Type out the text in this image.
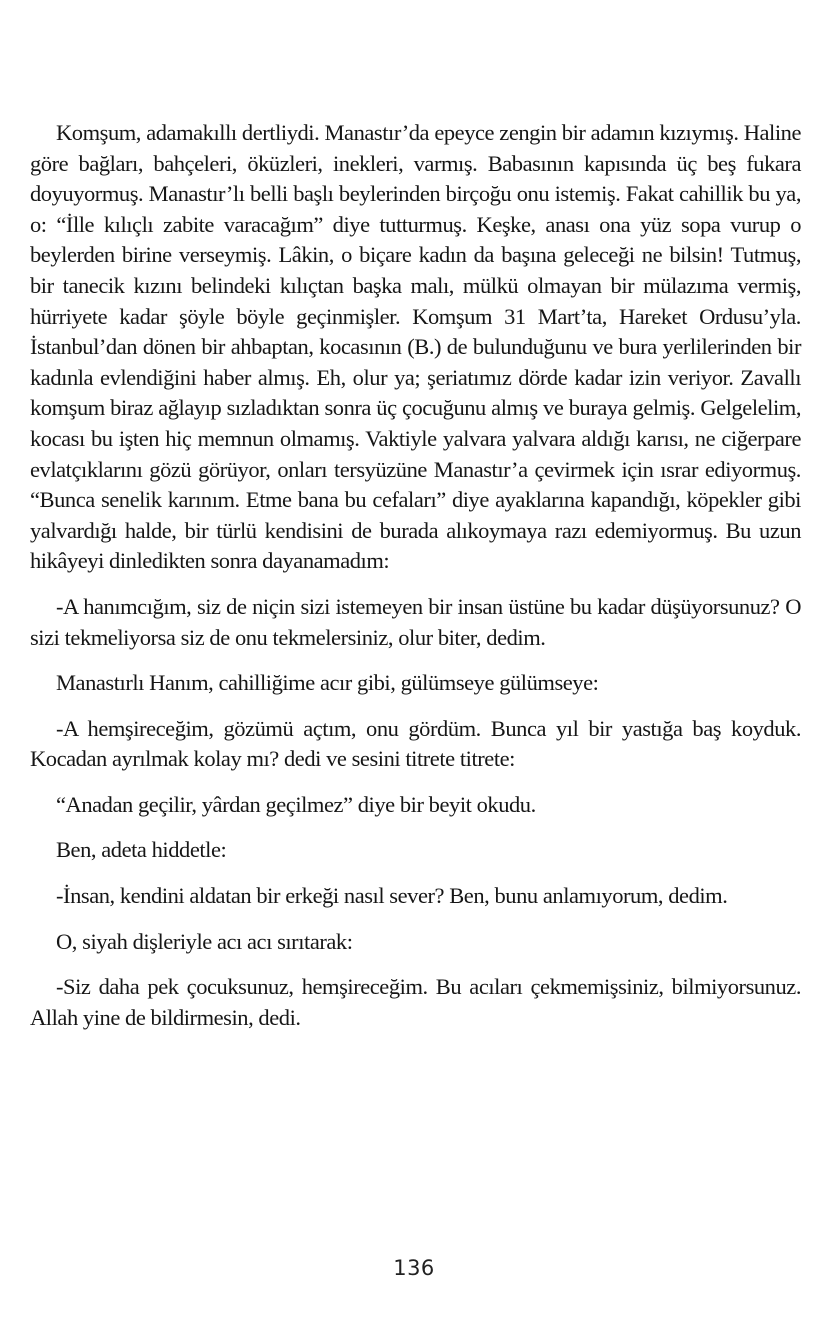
Komşum, adamakıllı dertliydi. Manastır’da epeyce zengin bir adamın kızıymış. Haline göre bağları, bahçeleri, öküzleri, inekleri, varmış. Babasının kapısında üç beş fukara doyuyormuş. Manastır’lı belli başlı beylerinden birçoğu onu istemiş. Fakat cahillik bu ya, o: “İlle kılıçlı zabite varacağım” diye tutturmuş. Keşke, anası ona yüz sopa vurup o beylerden birine verseymiş. Lâkin, o biçare kadın da başına geleceği ne bilsin! Tutmuş, bir tanecik kızını belindeki kılıçtan başka malı, mülkü olmayan bir mülazıma vermiş, hürriyete kadar şöyle böyle geçinmişler. Komşum 31 Mart’ta, Hareket Ordusu’yla. İstanbul’dan dönen bir ahbaptan, kocasının (B.) de bulunduğunu ve bura yerlilerinden bir kadınla evlendiğini haber almış. Eh, olur ya; şeriatımız dörde kadar izin veriyor. Zavallı komşum biraz ağlayıp sızladıktan sonra üç çocuğunu almış ve buraya gelmiş. Gelgelelim, kocası bu işten hiç memnun olmamış. Vaktiyle yalvara yalvara aldığı karısı, ne ciğerpare evlatçıklarını gözü görüyor, onları tersyüzüne Manastır’a çevirmek için ısrar ediyormuş. “Bunca senelik karınım. Etme bana bu cefaları” diye ayaklarına kapandığı, köpekler gibi yalvardığı halde, bir türlü kendisini de burada alıkoymaya razı edemiyormuş. Bu uzun hikâyeyi dinledikten sonra dayanamadım:

-A hanımcığım, siz de niçin sizi istemeyen bir insan üstüne bu kadar düşüyorsunuz? O sizi tekmeliyorsa siz de onu tekmelersiniz, olur biter, dedim.

Manastırlı Hanım, cahilliğime acır gibi, gülümseye gülümseye:

-A hemşireceğim, gözümü açtım, onu gördüm. Bunca yıl bir yastığa baş koyduk. Kocadan ayrılmak kolay mı? dedi ve sesini titrete titrete:

“Anadan geçilir, yârdan geçilmez” diye bir beyit okudu.

Ben, adeta hiddetle:

-İnsan, kendini aldatan bir erkeği nasıl sever? Ben, bunu anlamıyorum, dedim.

O, siyah dişleriyle acı acı sırıtarak:

-Siz daha pek çocuksunuz, hemşireceğim. Bu acıları çekmemişsiniz, bilmiyorsunuz. Allah yine de bildirmesin, dedi.

136
